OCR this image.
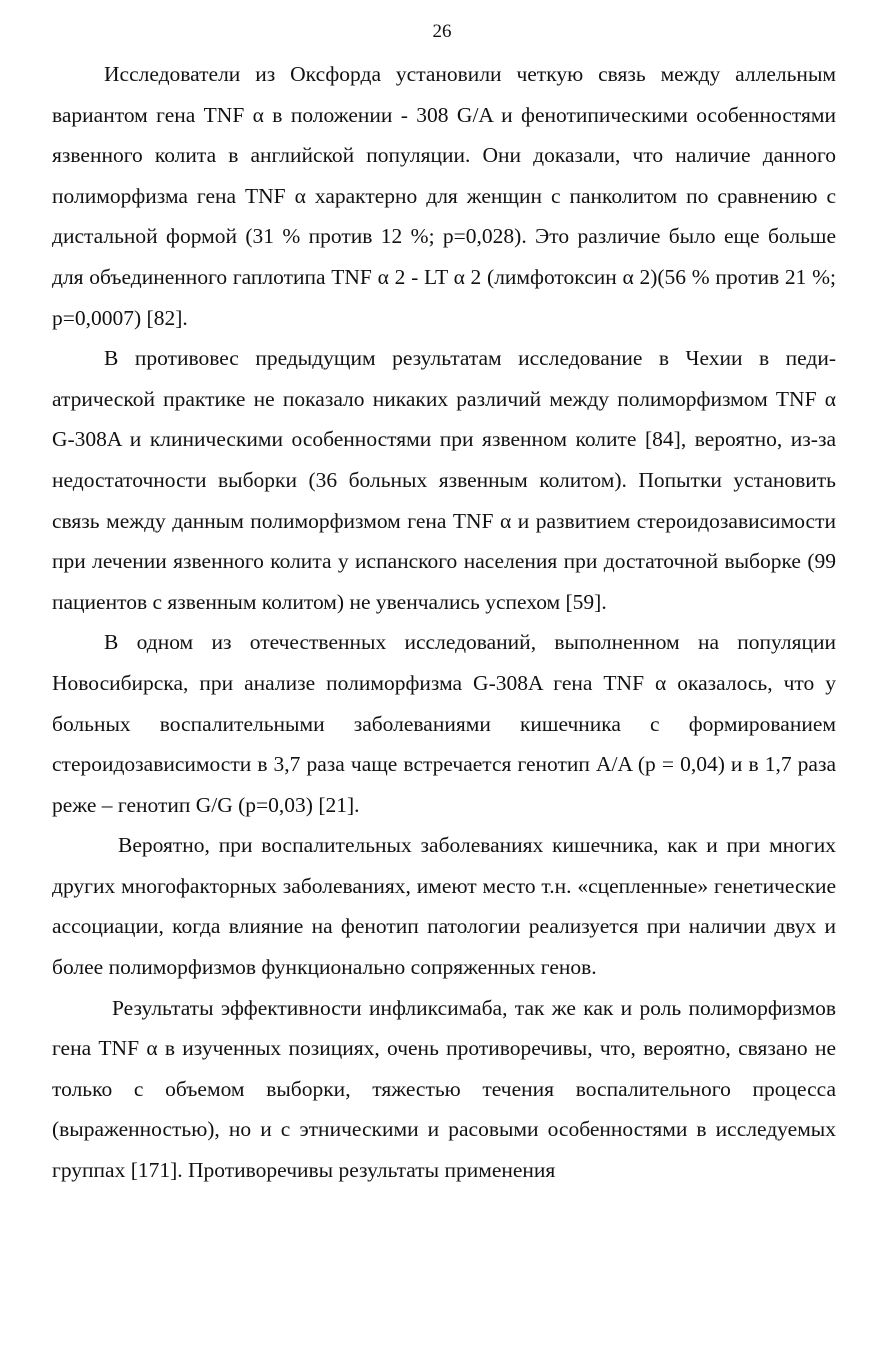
26

Исследователи из Оксфорда установили четкую связь между аллельным вариантом гена TNF α в положении - 308 G/A и фенотипическими особенностями язвенного колита в английской популяции. Они доказали, что наличие данного полиморфизма гена TNF α характерно для женщин с панколитом по сравнению с дистальной формой (31 % против 12 %; p=0,028). Это различие было еще больше для объединенного гаплотипа TNF α 2 - LT α 2 (лимфотоксин α 2)(56 % против 21 %; p=0,0007) [82].

В противовес предыдущим результатам исследование в Чехии в педиатрической практике не показало никаких различий между полиморфизмом TNF α G-308A и клиническими особенностями при язвенном колите [84], вероятно, из-за недостаточности выборки (36 больных язвенным колитом). Попытки установить связь между данным полиморфизмом гена TNF α и развитием стероидозависимости при лечении язвенного колита у испанского населения при достаточной выборке (99 пациентов с язвенным колитом) не увенчались успехом [59].

В одном из отечественных исследований, выполненном на популяции Новосибирска, при анализе полиморфизма G-308A гена TNF α оказалось, что у больных воспалительными заболеваниями кишечника с формированием стероидозависимости в 3,7 раза чаще встречается генотип A/A (p = 0,04) и в 1,7 раза реже – генотип G/G (p=0,03) [21].

Вероятно, при воспалительных заболеваниях кишечника, как и при многих других многофакторных заболеваниях, имеют место т.н. «сцепленные» генетические ассоциации, когда влияние на фенотип патологии реализуется при наличии двух и более полиморфизмов функционально сопряженных генов.

Результаты эффективности инфликсимаба, так же как и роль полиморфизмов гена TNF α в изученных позициях, очень противоречивы, что, вероятно, связано не только с объемом выборки, тяжестью течения воспалительного процесса (выраженностью), но и с этническими и расовыми особенностями в исследуемых группах [171]. Противоречивы результаты применения
